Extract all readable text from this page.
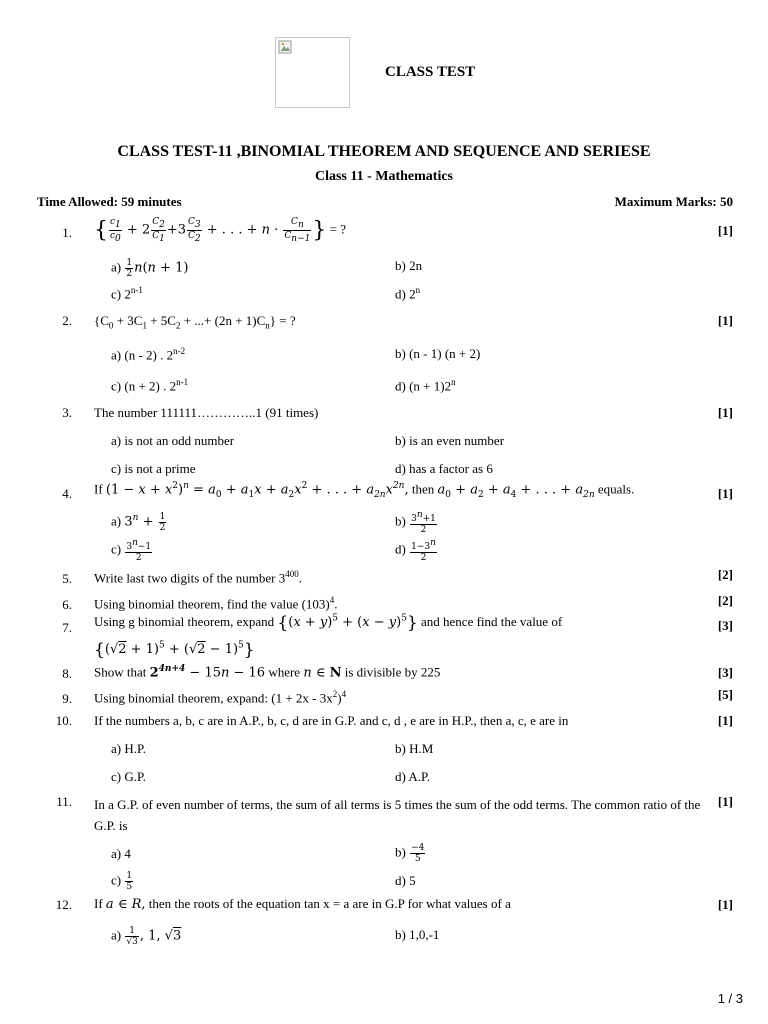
CLASS TEST
CLASS TEST-11 ,BINOMIAL THEOREM AND SEQUENCE AND SERIESE
Class 11 - Mathematics
Time Allowed: 59 minutes	Maximum Marks: 50
1. { $\frac{c_1}{c_0} + 2 \frac{C_2}{C_1} +3 \frac{C_3}{C_2}$ + . . . + $n \cdot \frac{C_n}{C_{n-1}}$ } = ?	[1]
$a) \frac{1}{2} n(n + 1)$	b) 2n
c) 2$^{n-1}$	d) 2$^n$
2. {$C_0 + 3C_1 + 5C_2$ + ...+ $(2n + 1)C_n$} = ?	[1]
a) (n - 2) . 2$^{n-2}$	b) (n - 1) (n + 2)
c) (n + 2) . 2$^{n-1}$	d) $(n + 1)2^n$
3. The number 111111…………..1 (91 times)	[1]
a) is not an odd number	b) is an even number
c) is not a prime	d) has a factor as 6
4. If $(1 - x + x^2)^n = a_0 + a_1x + a_2x^2$ + . . . + $a_{2n}x^{2n}$, then $a_0 + a_2 + a_4$ + . . . + $a_{2n}$ equals.	[1]
a) $3^n + \frac{1}{2}$	$b) \frac{3^n+1}{2}$
$c) \frac{3^n-1}{2}$	$d) \frac{1-3^n}{2}$
5. Write last two digits of the number $3^{400}$.	[2]
6. Using binomial theorem, find the value $(103)^4$.	[2]
7. Using g binomial theorem, expand $\{(x + y)^5 + (x - y)^5\}$ and hence find the value of
$\{(√2 + 1)^5 + (√2 - 1)^5\}$
[3]
8. Show that $2^{4n+4} - 15n - 16$ where n ∈ N is divisible by 225	[3]
9. Using binomial theorem, expand: $(1 + 2x - 3x^2)^4$	[5]
10. If the numbers a, b, c are in A.P., b, c, d are in G.P. and c, d , e are in H.P., then a, c, e are in	[1]
a) H.P.	b) H.M
c) G.P.	d) A.P.
11. In a G.P. of even number of terms, the sum of all terms is 5 times the sum of the odd terms. The common ratio of the G.P. is
[1]
a) 4	$b) \frac{-4}{5}$
$c) \frac{1}{5}$	d) 5
12. If a ∈ R, then the roots of the equation tan x = a are in G.P for what values of a	[1]
$a) \frac{1}{√3}$ , 1, √3	b) 1,0,-1
1 / 3
